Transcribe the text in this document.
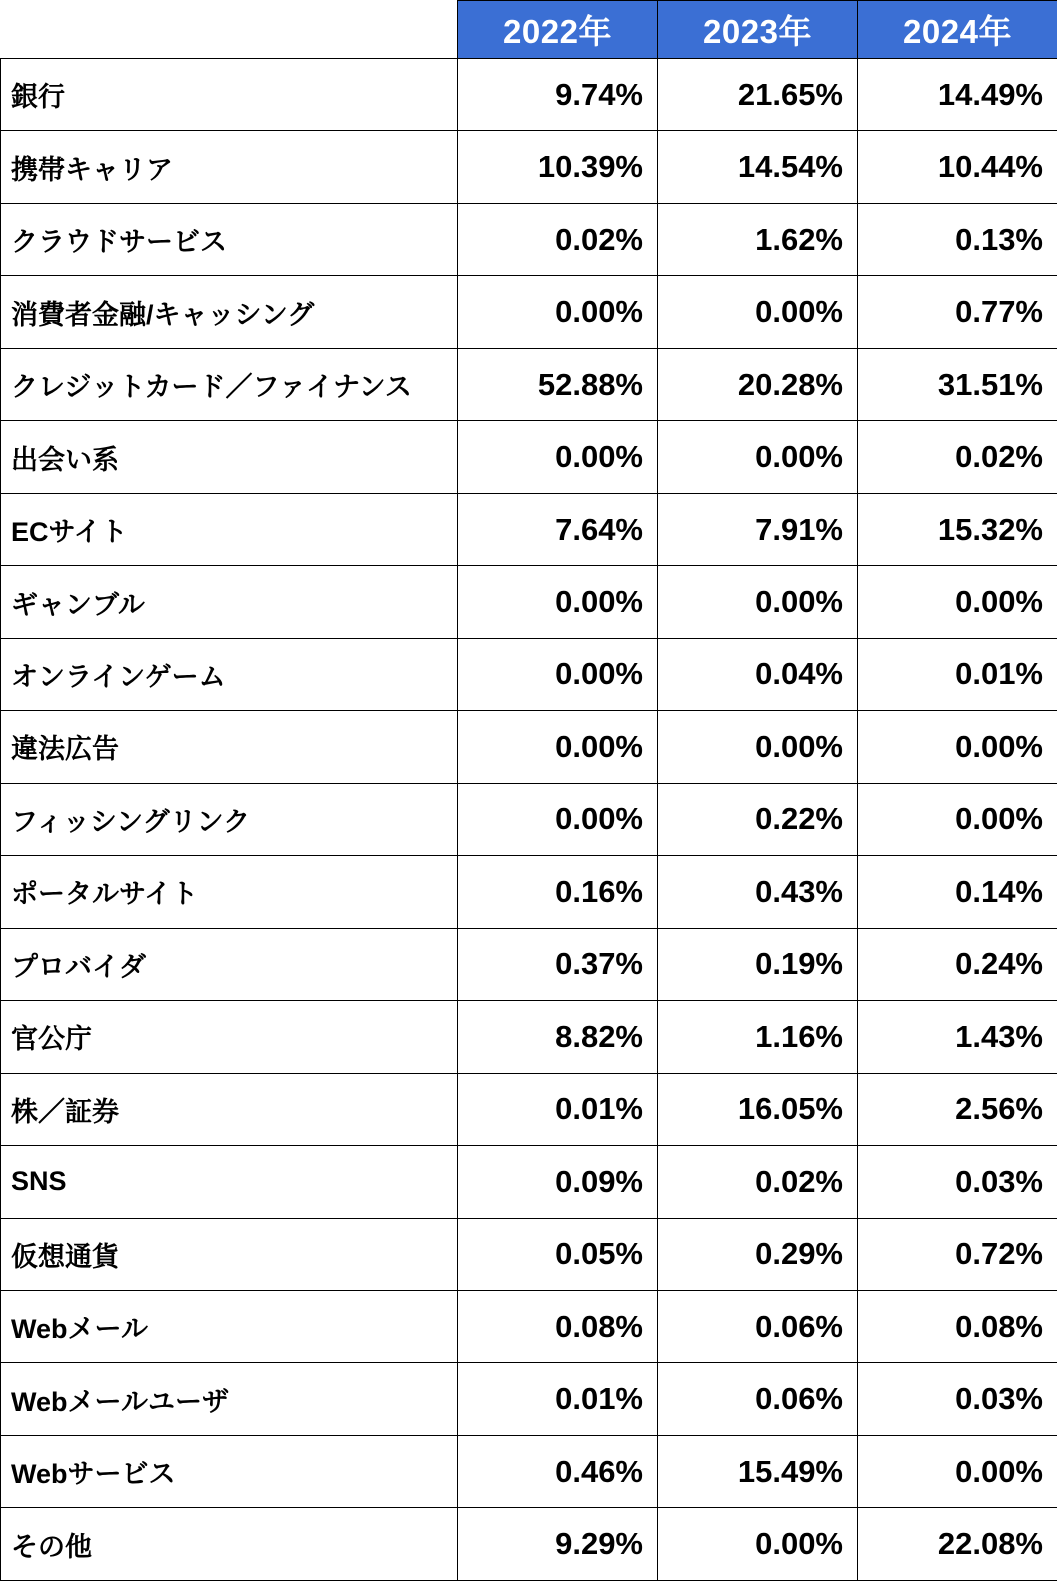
	2022年	2023年	2024年
銀行	9.74%	21.65%	14.49%
携帯キャリア	10.39%	14.54%	10.44%
クラウドサービス	0.02%	1.62%	0.13%
消費者金融/キャッシング	0.00%	0.00%	0.77%
クレジットカード／ファイナンス	52.88%	20.28%	31.51%
出会い系	0.00%	0.00%	0.02%
ECサイト	7.64%	7.91%	15.32%
ギャンブル	0.00%	0.00%	0.00%
オンラインゲーム	0.00%	0.04%	0.01%
違法広告	0.00%	0.00%	0.00%
フィッシングリンク	0.00%	0.22%	0.00%
ポータルサイト	0.16%	0.43%	0.14%
プロバイダ	0.37%	0.19%	0.24%
官公庁	8.82%	1.16%	1.43%
株／証券	0.01%	16.05%	2.56%
SNS	0.09%	0.02%	0.03%
仮想通貨	0.05%	0.29%	0.72%
Webメール	0.08%	0.06%	0.08%
Webメールユーザ	0.01%	0.06%	0.03%
Webサービス	0.46%	15.49%	0.00%
その他	9.29%	0.00%	22.08%
